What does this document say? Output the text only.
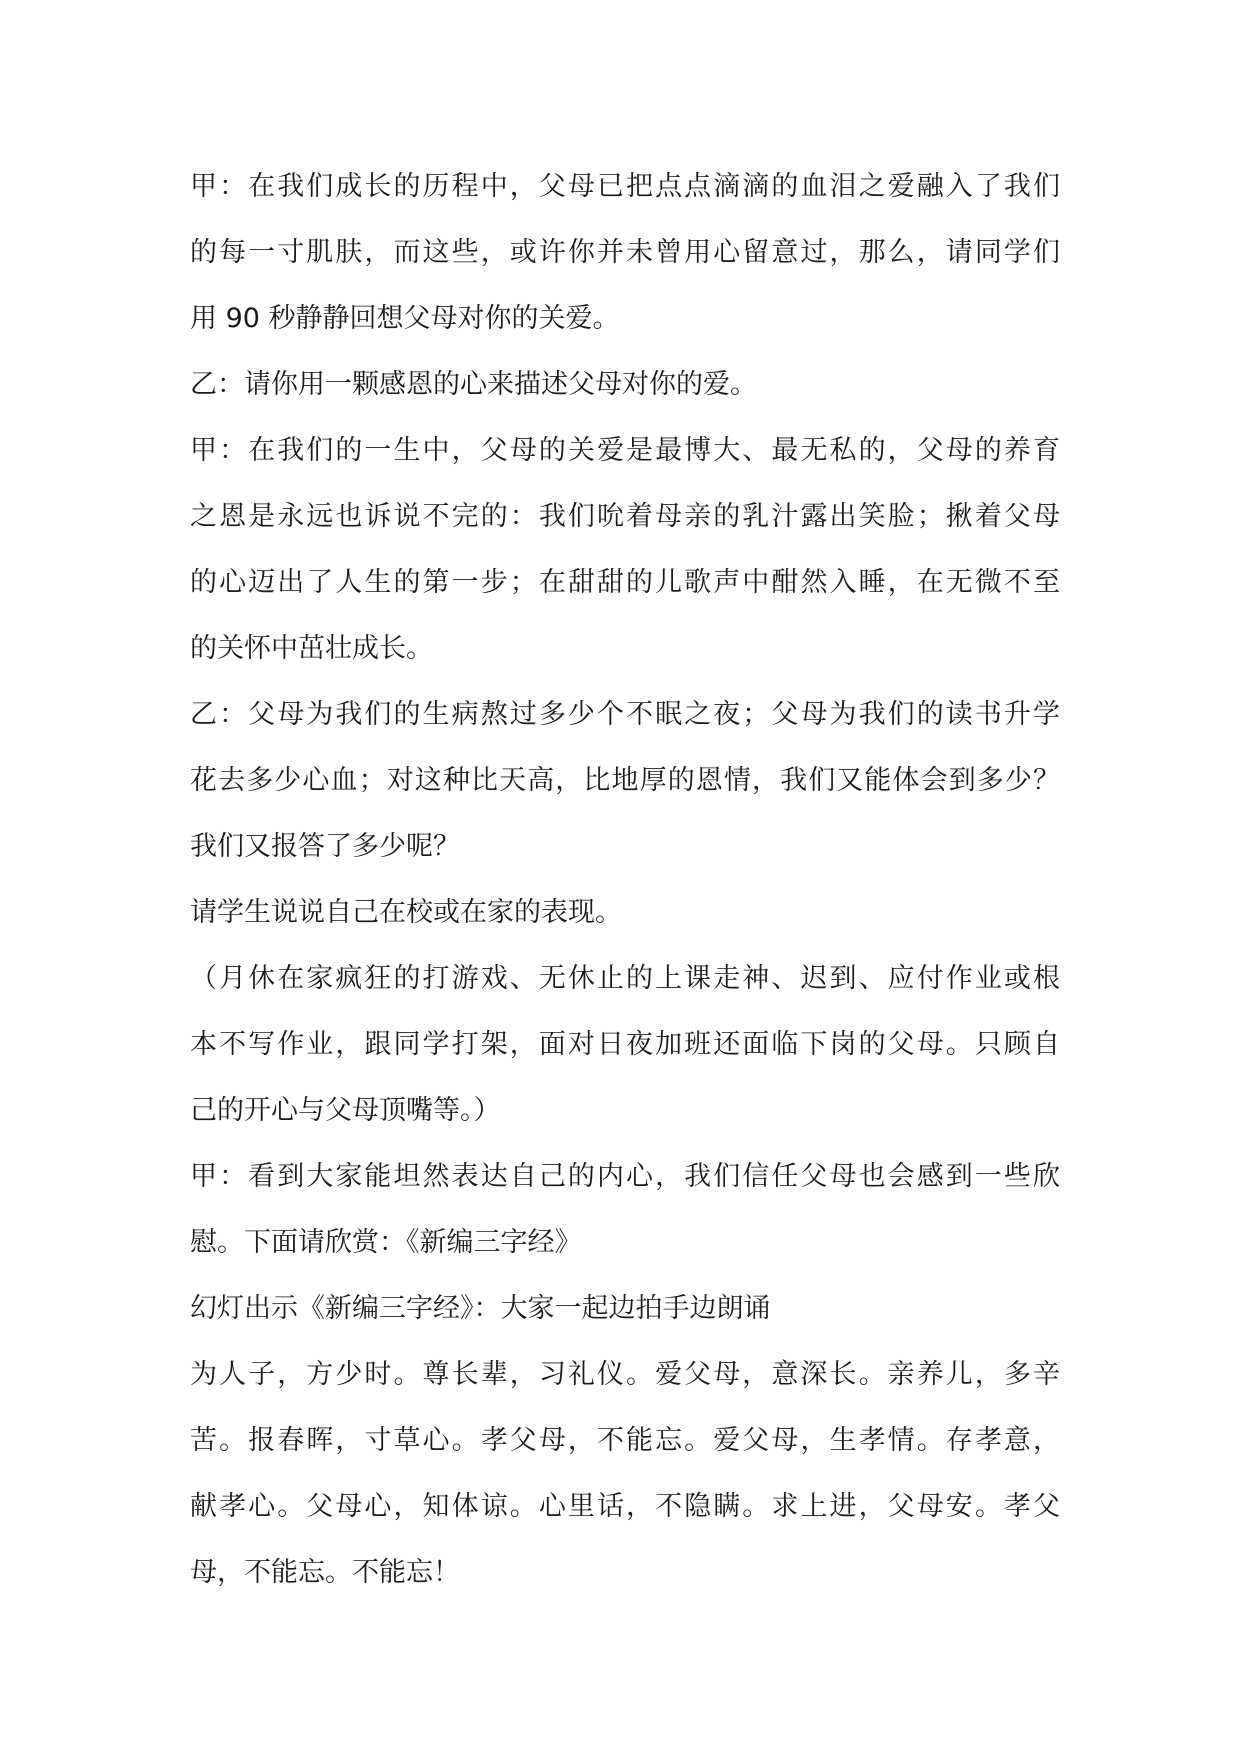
甲：在我们成长的历程中，父母已把点点滴滴的血泪之爱融入了我们
的每一寸肌肤，而这些，或许你并未曾用心留意过，那么，请同学们
用 90 秒静静回想父母对你的关爱。
乙：请你用一颗感恩的心来描述父母对你的爱。
甲：在我们的一生中，父母的关爱是最博大、最无私的，父母的养育
之恩是永远也诉说不完的：我们吮着母亲的乳汁露出笑脸；揪着父母
的心迈出了人生的第一步；在甜甜的儿歌声中酣然入睡，在无微不至
的关怀中茁壮成长。
乙：父母为我们的生病熬过多少个不眠之夜；父母为我们的读书升学
花去多少心血；对这种比天高，比地厚的恩情，我们又能体会到多少？
我们又报答了多少呢？
请学生说说自己在校或在家的表现。
（月休在家疯狂的打游戏、无休止的上课走神、迟到、应付作业或根
本不写作业，跟同学打架，面对日夜加班还面临下岗的父母。只顾自
己的开心与父母顶嘴等。）
甲：看到大家能坦然表达自己的内心，我们信任父母也会感到一些欣
慰。下面请欣赏：《新编三字经》
幻灯出示《新编三字经》：大家一起边拍手边朗诵
为人子，方少时。尊长辈，习礼仪。爱父母，意深长。亲养儿，多辛
苦。报春晖，寸草心。孝父母，不能忘。爱父母，生孝情。存孝意，
献孝心。父母心，知体谅。心里话，不隐瞒。求上进，父母安。孝父
母，不能忘。不能忘！
